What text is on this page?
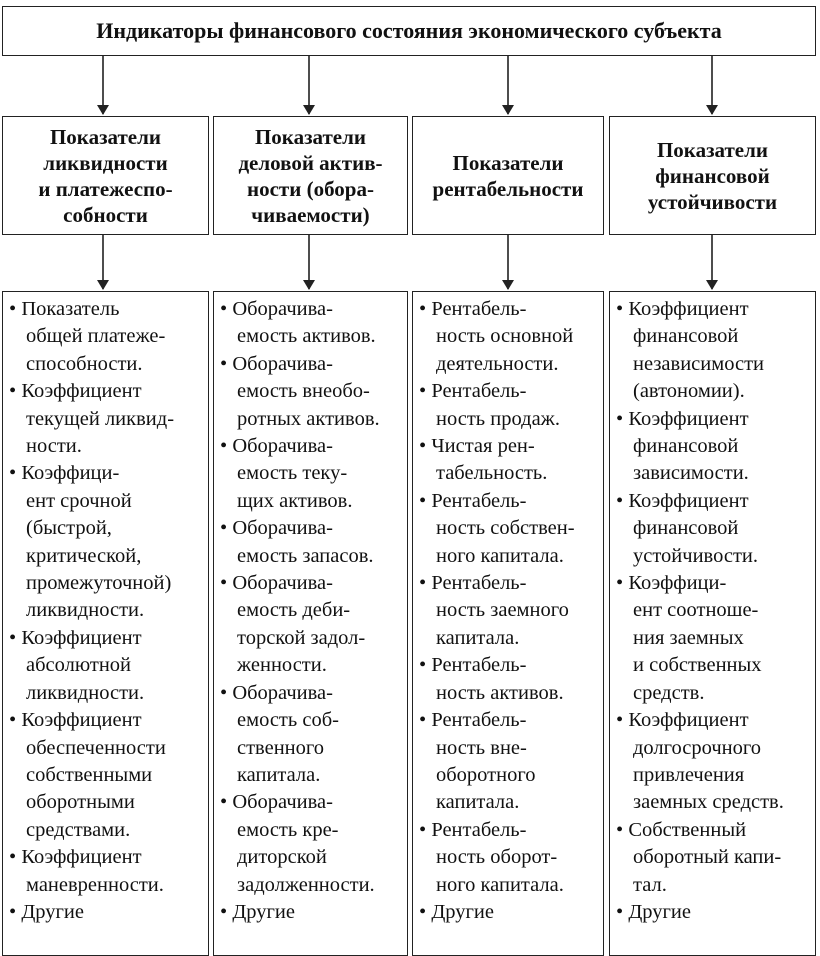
Индикаторы финансового состояния экономического субъекта
Показатели
ликвидности
и платежеспо-
собности
Показатели
деловой актив-
ности (обора-
чиваемости)
Показатели
рентабельности
Показатели
финансовой
устойчивости
• Показатель
общей платеже-
способности.
• Коэффициент
текущей ликвид-
ности.
• Коэффици-
ент срочной
(быстрой,
критической,
промежуточной)
ликвидности.
• Коэффициент
абсолютной
ликвидности.
• Коэффициент
обеспеченности
собственными
оборотными
средствами.
• Коэффициент
маневренности.
• Другие
• Оборачива-
емость активов.
• Оборачива-
емость внеобо-
ротных активов.
• Оборачива-
емость теку-
щих активов.
• Оборачива-
емость запасов.
• Оборачива-
емость деби-
торской задол-
женности.
• Оборачива-
емость соб-
ственного
капитала.
• Оборачива-
емость кре-
диторской
задолженности.
• Другие
• Рентабель-
ность основной
деятельности.
• Рентабель-
ность продаж.
• Чистая рен-
табельность.
• Рентабель-
ность собствен-
ного капитала.
• Рентабель-
ность заемного
капитала.
• Рентабель-
ность активов.
• Рентабель-
ность вне-
оборотного
капитала.
• Рентабель-
ность оборот-
ного капитала.
• Другие
• Коэффициент
финансовой
независимости
(автономии).
• Коэффициент
финансовой
зависимости.
• Коэффициент
финансовой
устойчивости.
• Коэффици-
ент соотноше-
ния заемных
и собственных
средств.
• Коэффициент
долгосрочного
привлечения
заемных средств.
• Собственный
оборотный капи-
тал.
• Другие
